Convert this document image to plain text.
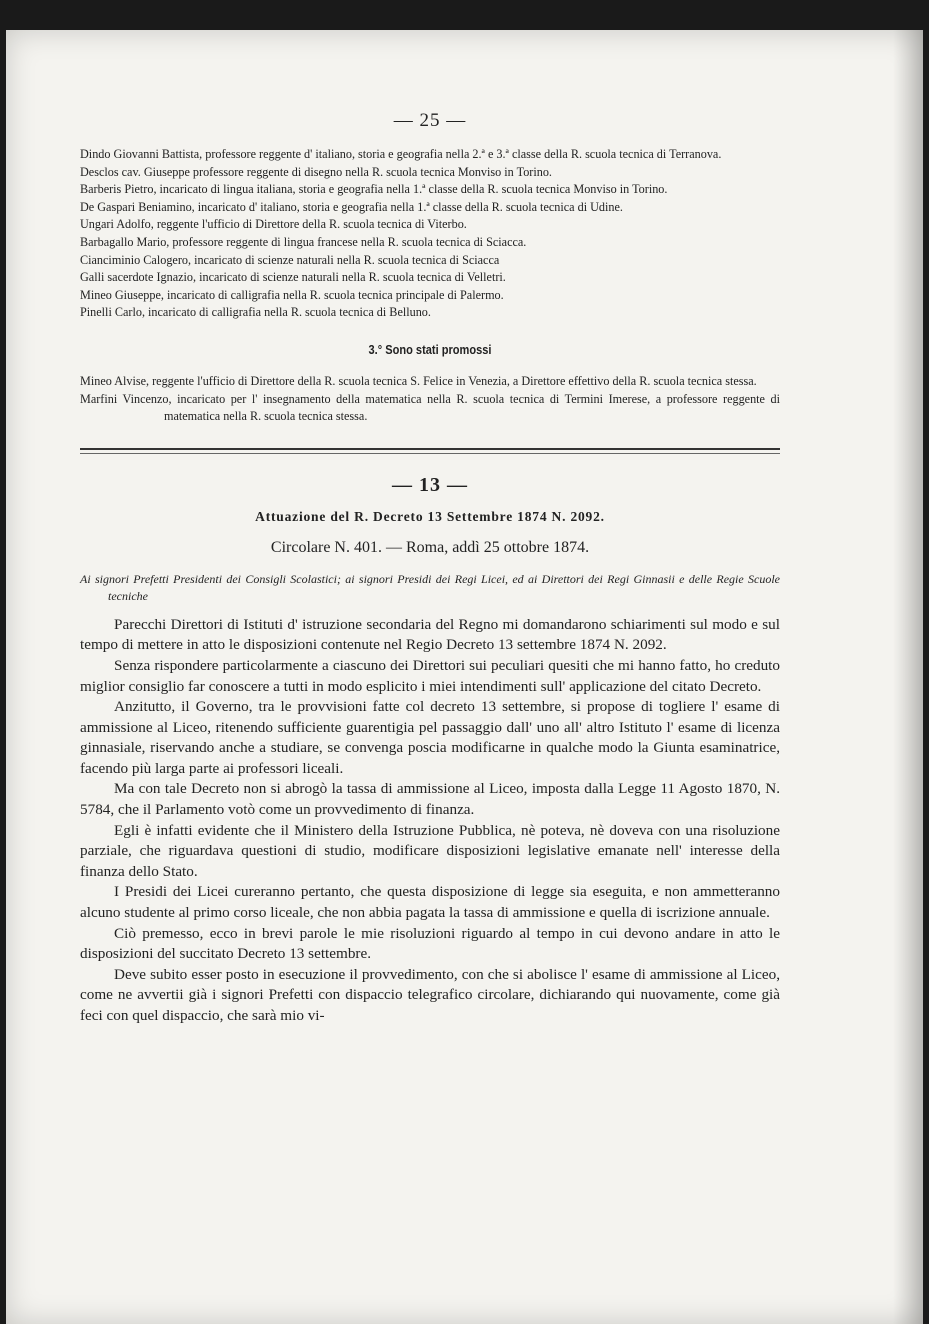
— 25 —

Dindo Giovanni Battista, professore reggente d' italiano, storia e geografia nella 2.ª e 3.ª classe della R. scuola tecnica di Terranova.

Desclos cav. Giuseppe professore reggente di disegno nella R. scuola tecnica Monviso in Torino.

Barberis Pietro, incaricato di lingua italiana, storia e geografia nella 1.ª classe della R. scuola tecnica Monviso in Torino.

De Gaspari Beniamino, incaricato d' italiano, storia e geografia nella 1.ª classe della R. scuola tecnica di Udine.

Ungari Adolfo, reggente l'ufficio di Direttore della R. scuola tecnica di Viterbo.

Barbagallo Mario, professore reggente di lingua francese nella R. scuola tecnica di Sciacca.

Cianciminio Calogero, incaricato di scienze naturali nella R. scuola tecnica di Sciacca

Galli sacerdote Ignazio, incaricato di scienze naturali nella R. scuola tecnica di Velletri.

Mineo Giuseppe, incaricato di calligrafia nella R. scuola tecnica principale di Palermo.

Pinelli Carlo, incaricato di calligrafia nella R. scuola tecnica di Belluno.

3.° Sono stati promossi

Mineo Alvise, reggente l'ufficio di Direttore della R. scuola tecnica S. Felice in Venezia, a Direttore effettivo della R. scuola tecnica stessa.

Marfini Vincenzo, incaricato per l' insegnamento della matematica nella R. scuola tecnica di Termini Imerese, a professore reggente di matematica nella R. scuola tecnica stessa.

— 13 —
Attuazione del R. Decreto 13 Settembre 1874 N. 2092.
Circolare N. 401. — Roma, addì 25 ottobre 1874.
Ai signori Prefetti Presidenti dei Consigli Scolastici; ai signori Presidi dei Regi Licei, ed ai Direttori dei Regi Ginnasii e delle Regie Scuole tecniche

Parecchi Direttori di Istituti d' istruzione secondaria del Regno mi domandarono schiarimenti sul modo e sul tempo di mettere in atto le disposizioni contenute nel Regio Decreto 13 settembre 1874 N. 2092.

Senza rispondere particolarmente a ciascuno dei Direttori sui peculiari quesiti che mi hanno fatto, ho creduto miglior consiglio far conoscere a tutti in modo esplicito i miei intendimenti sull' applicazione del citato Decreto.

Anzitutto, il Governo, tra le provvisioni fatte col decreto 13 settembre, si propose di togliere l' esame di ammissione al Liceo, ritenendo sufficiente guarentigia pel passaggio dall' uno all' altro Istituto l' esame di licenza ginnasiale, riservando anche a studiare, se convenga poscia modificarne in qualche modo la Giunta esaminatrice, facendo più larga parte ai professori liceali.

Ma con tale Decreto non si abrogò la tassa di ammissione al Liceo, imposta dalla Legge 11 Agosto 1870, N. 5784, che il Parlamento votò come un provvedimento di finanza.

Egli è infatti evidente che il Ministero della Istruzione Pubblica, nè poteva, nè doveva con una risoluzione parziale, che riguardava questioni di studio, modificare disposizioni legislative emanate nell' interesse della finanza dello Stato.

I Presidi dei Licei cureranno pertanto, che questa disposizione di legge sia eseguita, e non ammetteranno alcuno studente al primo corso liceale, che non abbia pagata la tassa di ammissione e quella di iscrizione annuale.

Ciò premesso, ecco in brevi parole le mie risoluzioni riguardo al tempo in cui devono andare in atto le disposizioni del succitato Decreto 13 settembre.

Deve subito esser posto in esecuzione il provvedimento, con che si abolisce l' esame di ammissione al Liceo, come ne avvertii già i signori Prefetti con dispaccio telegrafico circolare, dichiarando qui nuovamente, come già feci con quel dispaccio, che sarà mio vi-
